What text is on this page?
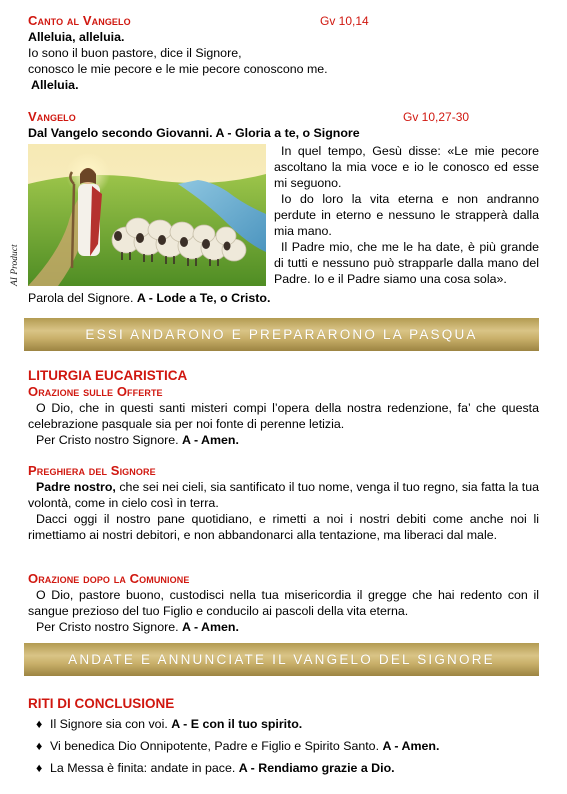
Canto al Vangelo	Gv 10,14
Alleluia, alleluia.
Io sono il buon pastore, dice il Signore,
conosco le mie pecore e le mie pecore conoscono me.
Alleluia.
Vangelo	Gv 10,27-30
Dal Vangelo secondo Giovanni. A - Gloria a te, o Signore
AI Product
In quel tempo, Gesù disse: «Le mie pecore ascoltano la mia voce e io le conosco ed esse mi seguono.
Io do loro la vita eterna e non andranno perdute in eterno e nessuno le strapperà dalla mia mano.
Il Padre mio, che me le ha date, è più grande di tutti e nessuno può strapparle dalla mano del Padre. Io e il Padre siamo una cosa sola».
Parola del Signore. A - Lode a Te, o Cristo.
ESSI ANDARONO E PREPARARONO LA PASQUA
LITURGIA EUCARISTICA
Orazione sulle Offerte
O Dio, che in questi santi misteri compi l’opera della nostra redenzione, fa’ che questa celebrazione pasquale sia per noi fonte di perenne letizia.
Per Cristo nostro Signore. A - Amen.
Preghiera del Signore
Padre nostro, che sei nei cieli, sia santificato il tuo nome, venga il tuo regno, sia fatta la tua volontà, come in cielo così in terra.
Dacci oggi il nostro pane quotidiano, e rimetti a noi i nostri debiti come anche noi li rimettiamo ai nostri debitori, e non abbandonarci alla tentazione, ma liberaci dal male.
Orazione dopo la Comunione
O Dio, pastore buono, custodisci nella tua misericordia il gregge che hai redento con il sangue prezioso del tuo Figlio e conducilo ai pascoli della vita eterna.
Per Cristo nostro Signore. A - Amen.
ANDATE E ANNUNCIATE IL VANGELO DEL SIGNORE
RITI DI CONCLUSIONE
♦ Il Signore sia con voi. A - E con il tuo spirito.
♦ Vi benedica Dio Onnipotente, Padre e Figlio e Spirito Santo. A - Amen.
♦ La Messa è finita: andate in pace. A - Rendiamo grazie a Dio.
